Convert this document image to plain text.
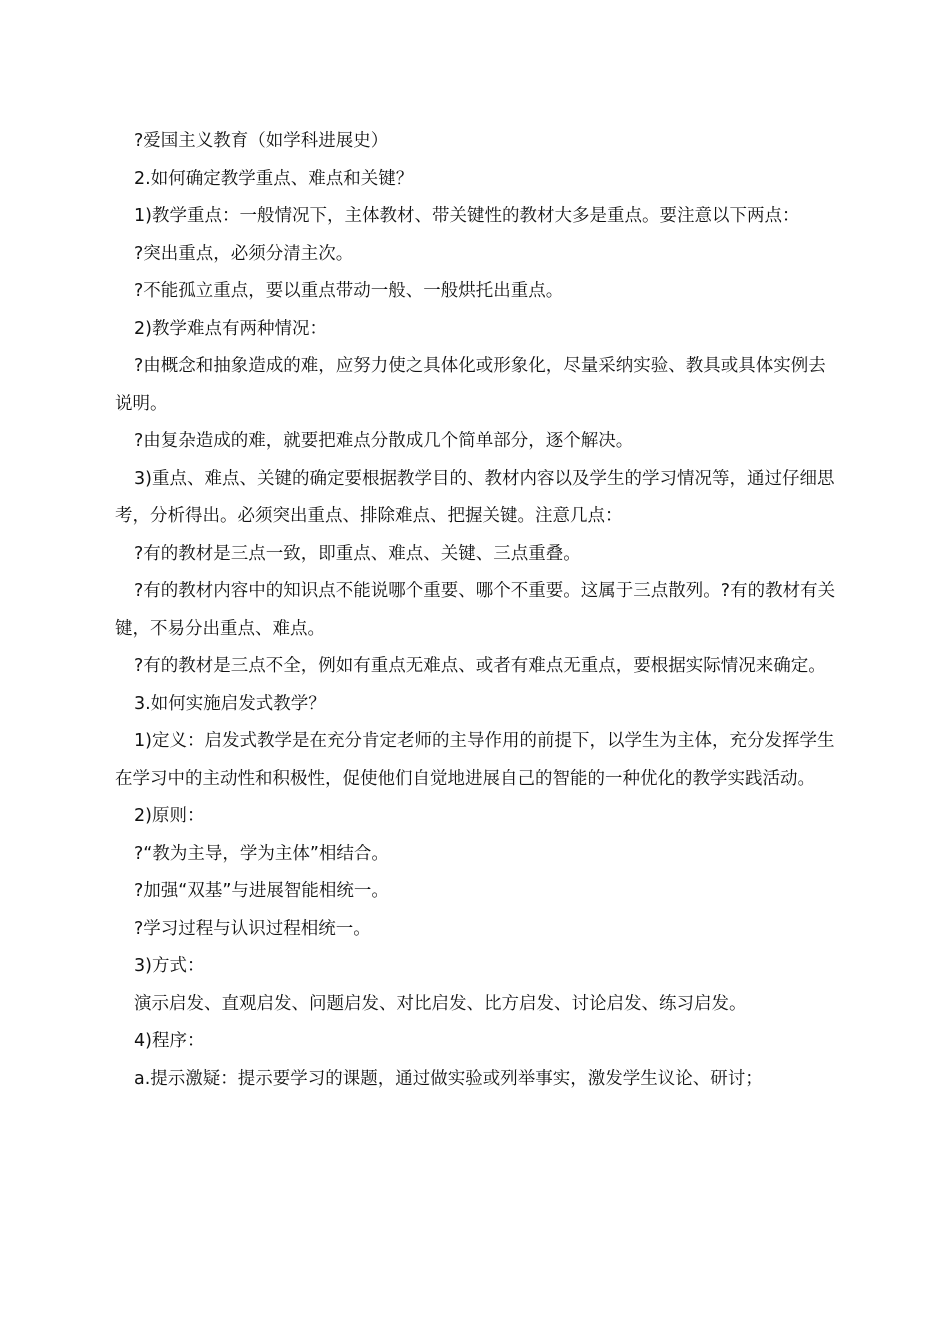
?爱国主义教育（如学科进展史）

2.如何确定教学重点、难点和关键？

1)教学重点：一般情况下，主体教材、带关键性的教材大多是重点。要注意以下两点：

?突出重点，必须分清主次。

?不能孤立重点，要以重点带动一般、一般烘托出重点。

2)教学难点有两种情况：

?由概念和抽象造成的难，应努力使之具体化或形象化，尽量采纳实验、教具或具体实例去说明。

?由复杂造成的难，就要把难点分散成几个简单部分，逐个解决。

3)重点、难点、关键的确定要根据教学目的、教材内容以及学生的学习情况等，通过仔细思考，分析得出。必须突出重点、排除难点、把握关键。注意几点：

?有的教材是三点一致，即重点、难点、关键、三点重叠。

?有的教材内容中的知识点不能说哪个重要、哪个不重要。这属于三点散列。?有的教材有关键，不易分出重点、难点。

?有的教材是三点不全，例如有重点无难点、或者有难点无重点，要根据实际情况来确定。

3.如何实施启发式教学？

1)定义：启发式教学是在充分肯定老师的主导作用的前提下，以学生为主体，充分发挥学生在学习中的主动性和积极性，促使他们自觉地进展自己的智能的一种优化的教学实践活动。

2)原则：

?“教为主导，学为主体”相结合。

?加强“双基”与进展智能相统一。

?学习过程与认识过程相统一。

3)方式：

演示启发、直观启发、问题启发、对比启发、比方启发、讨论启发、练习启发。

4)程序：

a.提示激疑：提示要学习的课题，通过做实验或列举事实，激发学生议论、研讨；
